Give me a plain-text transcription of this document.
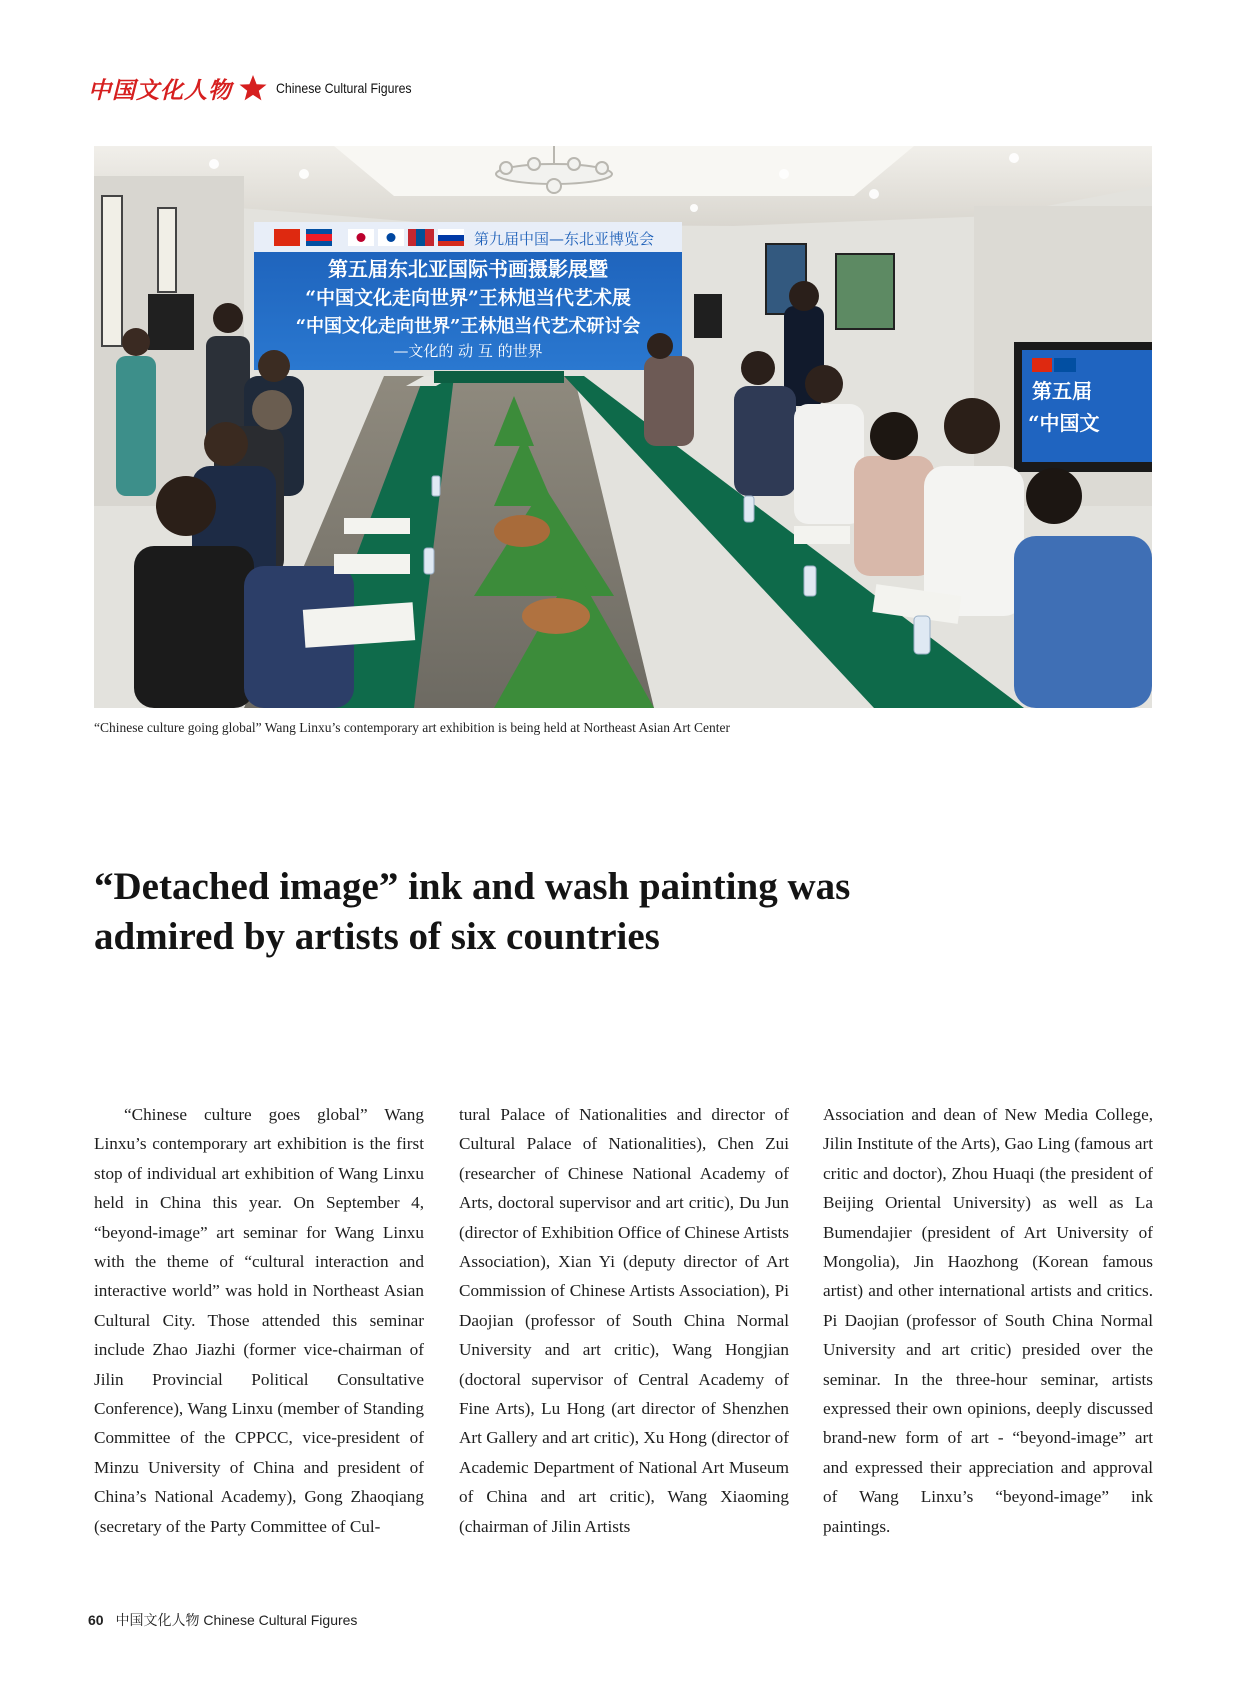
中国文化人物	Chinese Cultural Figures
第九届中国—东北亚博览会
第五届东北亚国际书画摄影展暨
“中国文化走向世界”王林旭当代艺术展
“中国文化走向世界”王林旭当代艺术研讨会
—文化的 动 互 的世界
第五届
“中国文
“Chinese culture going global” Wang Linxu’s contemporary art exhibition is being held at Northeast Asian Art Center
“Detached image” ink and wash painting was
admired by artists of six countries

“Chinese culture goes global” Wang Linxu’s contemporary art exhibition is the first stop of individual art exhibition of Wang Linxu held in China this year. On September 4, “beyond-image” art seminar for Wang Linxu with the theme of “cultural interaction and interactive world” was hold in Northeast Asian Cultural City. Those attended this seminar include Zhao Jiazhi (former vice-chairman of Jilin Provincial Political Consultative Conference), Wang Linxu (member of Standing Committee of the CPPCC, vice-president of Minzu University of China and president of China’s National Academy), Gong Zhaoqiang (secretary of the Party Committee of Cul-

tural Palace of Nationalities and director of Cultural Palace of Nationalities), Chen Zui (researcher of Chinese National Academy of Arts, doctoral supervisor and art critic), Du Jun (director of Exhibition Office of Chinese Artists Association), Xian Yi (deputy director of Art Commission of Chinese Artists Association), Pi Daojian (professor of South China Normal University and art critic), Wang Hongjian (doctoral supervisor of Central Academy of Fine Arts), Lu Hong (art director of Shenzhen Art Gallery and art critic), Xu Hong (director of Academic Department of National Art Museum of China and art critic), Wang Xiaoming (chairman of Jilin Artists

Association and dean of New Media College, Jilin Institute of the Arts), Gao Ling (famous art critic and doctor), Zhou Huaqi (the president of Beijing Oriental University) as well as La Bumendajier (president of Art University of Mongolia), Jin Haozhong (Korean famous artist) and other international artists and critics. Pi Daojian (professor of South China Normal University and art critic) presided over the seminar. In the three-hour seminar, artists expressed their own opinions, deeply discussed brand-new form of art - “beyond-image” art and expressed their appreciation and approval of Wang Linxu’s “beyond-image” ink paintings.

60 中国文化人物 Chinese Cultural Figures
